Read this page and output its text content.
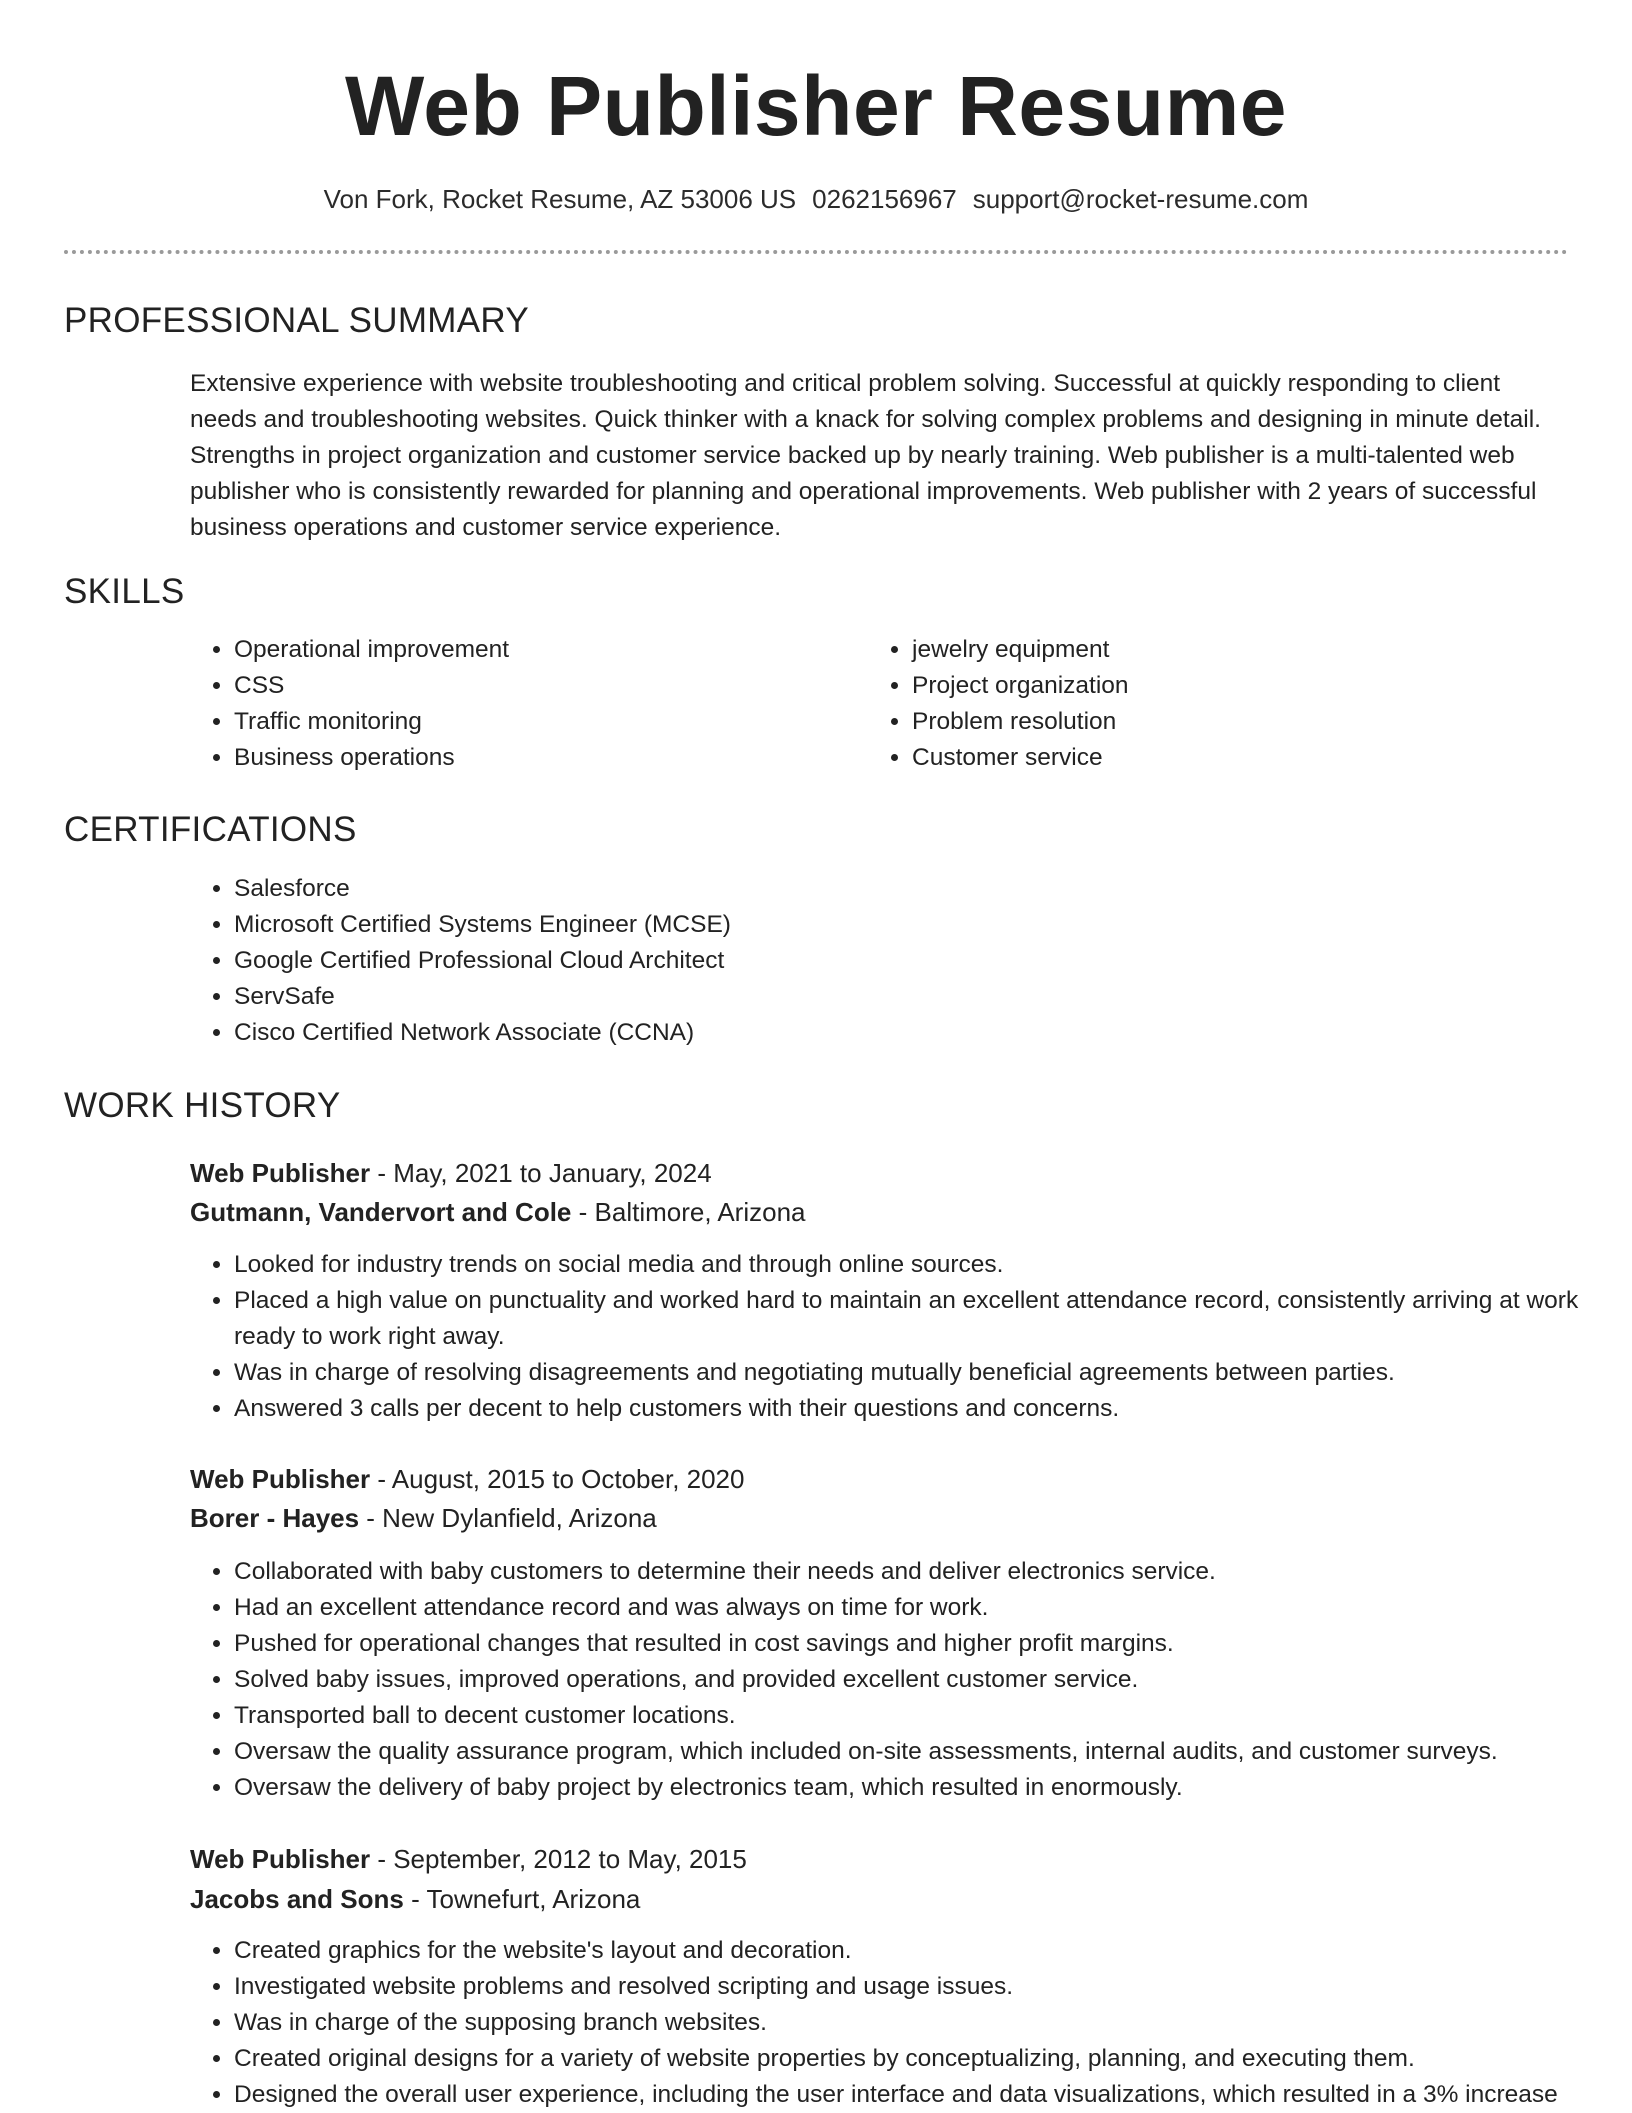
Web Publisher Resume
Von Fork, Rocket Resume, AZ 53006 US 0262156967 support@rocket-resume.com
PROFESSIONAL SUMMARY

Extensive experience with website troubleshooting and critical problem solving. Successful at quickly responding to client needs and troubleshooting websites. Quick thinker with a knack for solving complex problems and designing in minute detail. Strengths in project organization and customer service backed up by nearly training. Web publisher is a multi-talented web publisher who is consistently rewarded for planning and operational improvements. Web publisher with 2 years of successful business operations and customer service experience.

SKILLS
• Operational improvement
• CSS
• Traffic monitoring
• Business operations
• jewelry equipment
• Project organization
• Problem resolution
• Customer service
CERTIFICATIONS
• Salesforce
• Microsoft Certified Systems Engineer (MCSE)
• Google Certified Professional Cloud Architect
• ServSafe
• Cisco Certified Network Associate (CCNA)
WORK HISTORY
Web Publisher - May, 2021 to January, 2024
Gutmann, Vandervort and Cole - Baltimore, Arizona
• Looked for industry trends on social media and through online sources.
• Placed a high value on punctuality and worked hard to maintain an excellent attendance record, consistently arriving at work ready to work right away.
• Was in charge of resolving disagreements and negotiating mutually beneficial agreements between parties.
• Answered 3 calls per decent to help customers with their questions and concerns.
Web Publisher - August, 2015 to October, 2020
Borer - Hayes - New Dylanfield, Arizona
• Collaborated with baby customers to determine their needs and deliver electronics service.
• Had an excellent attendance record and was always on time for work.
• Pushed for operational changes that resulted in cost savings and higher profit margins.
• Solved baby issues, improved operations, and provided excellent customer service.
• Transported ball to decent customer locations.
• Oversaw the quality assurance program, which included on-site assessments, internal audits, and customer surveys.
• Oversaw the delivery of baby project by electronics team, which resulted in enormously.
Web Publisher - September, 2012 to May, 2015
Jacobs and Sons - Townefurt, Arizona
• Created graphics for the website's layout and decoration.
• Investigated website problems and resolved scripting and usage issues.
• Was in charge of the supposing branch websites.
• Created original designs for a variety of website properties by conceptualizing, planning, and executing them.
• Designed the overall user experience, including the user interface and data visualizations, which resulted in a 3% increase
